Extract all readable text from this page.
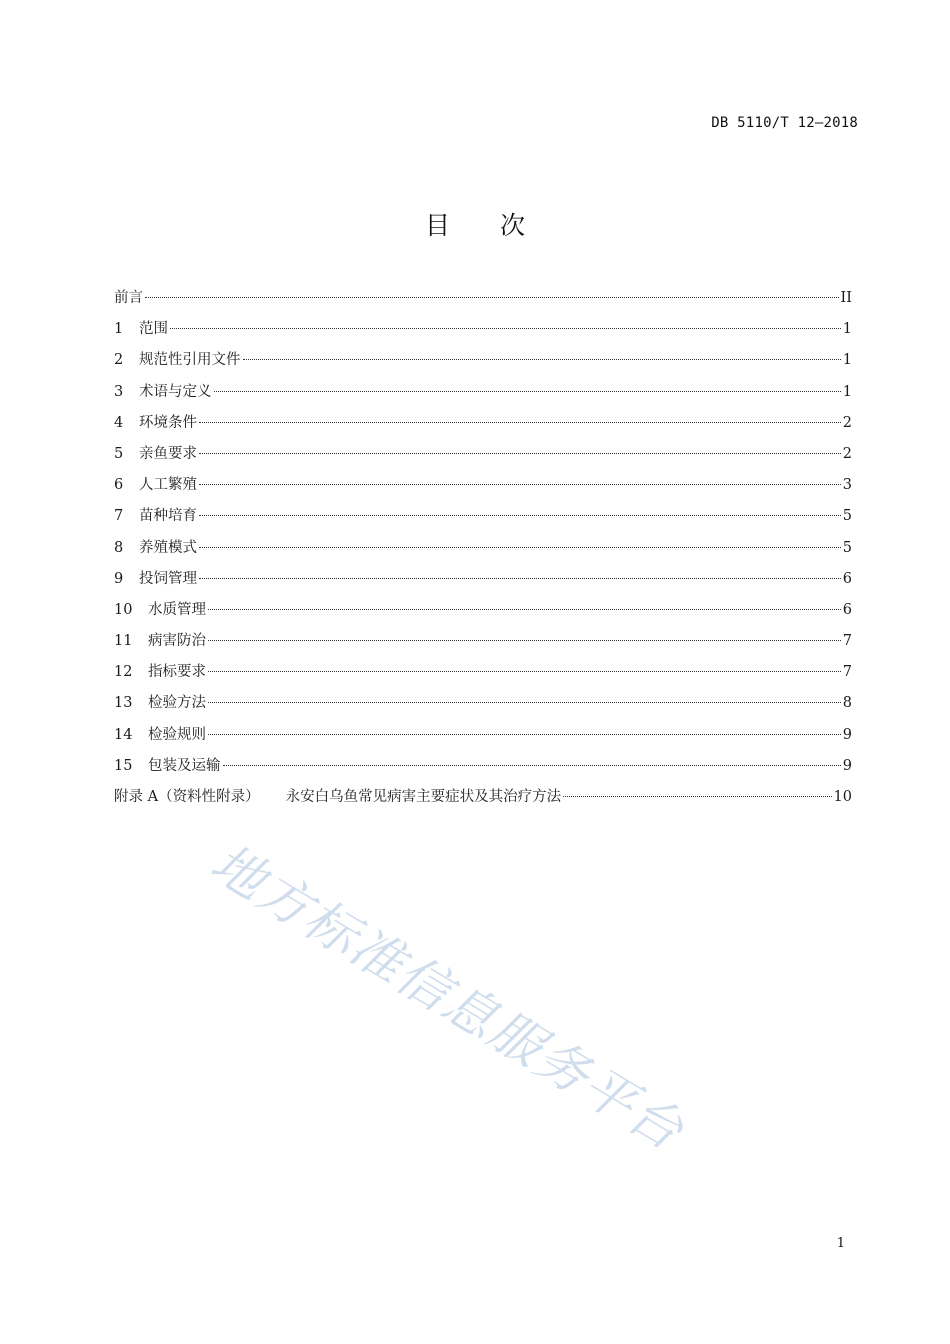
DB 5110/T 12—2018
目 次
前言	II
1	范围	1
2	规范性引用文件	1
3	术语与定义	1
4	环境条件	2
5	亲鱼要求	2
6	人工繁殖	3
7	苗种培育	5
8	养殖模式	5
9	投饲管理	6
10	水质管理	6
11	病害防治	7
12	指标要求	7
13	检验方法	8
14	检验规则	9
15	包装及运输	9
附录 A（资料性附录） 永安白乌鱼常见病害主要症状及其治疗方法	10
地方标准信息服务平台
1
